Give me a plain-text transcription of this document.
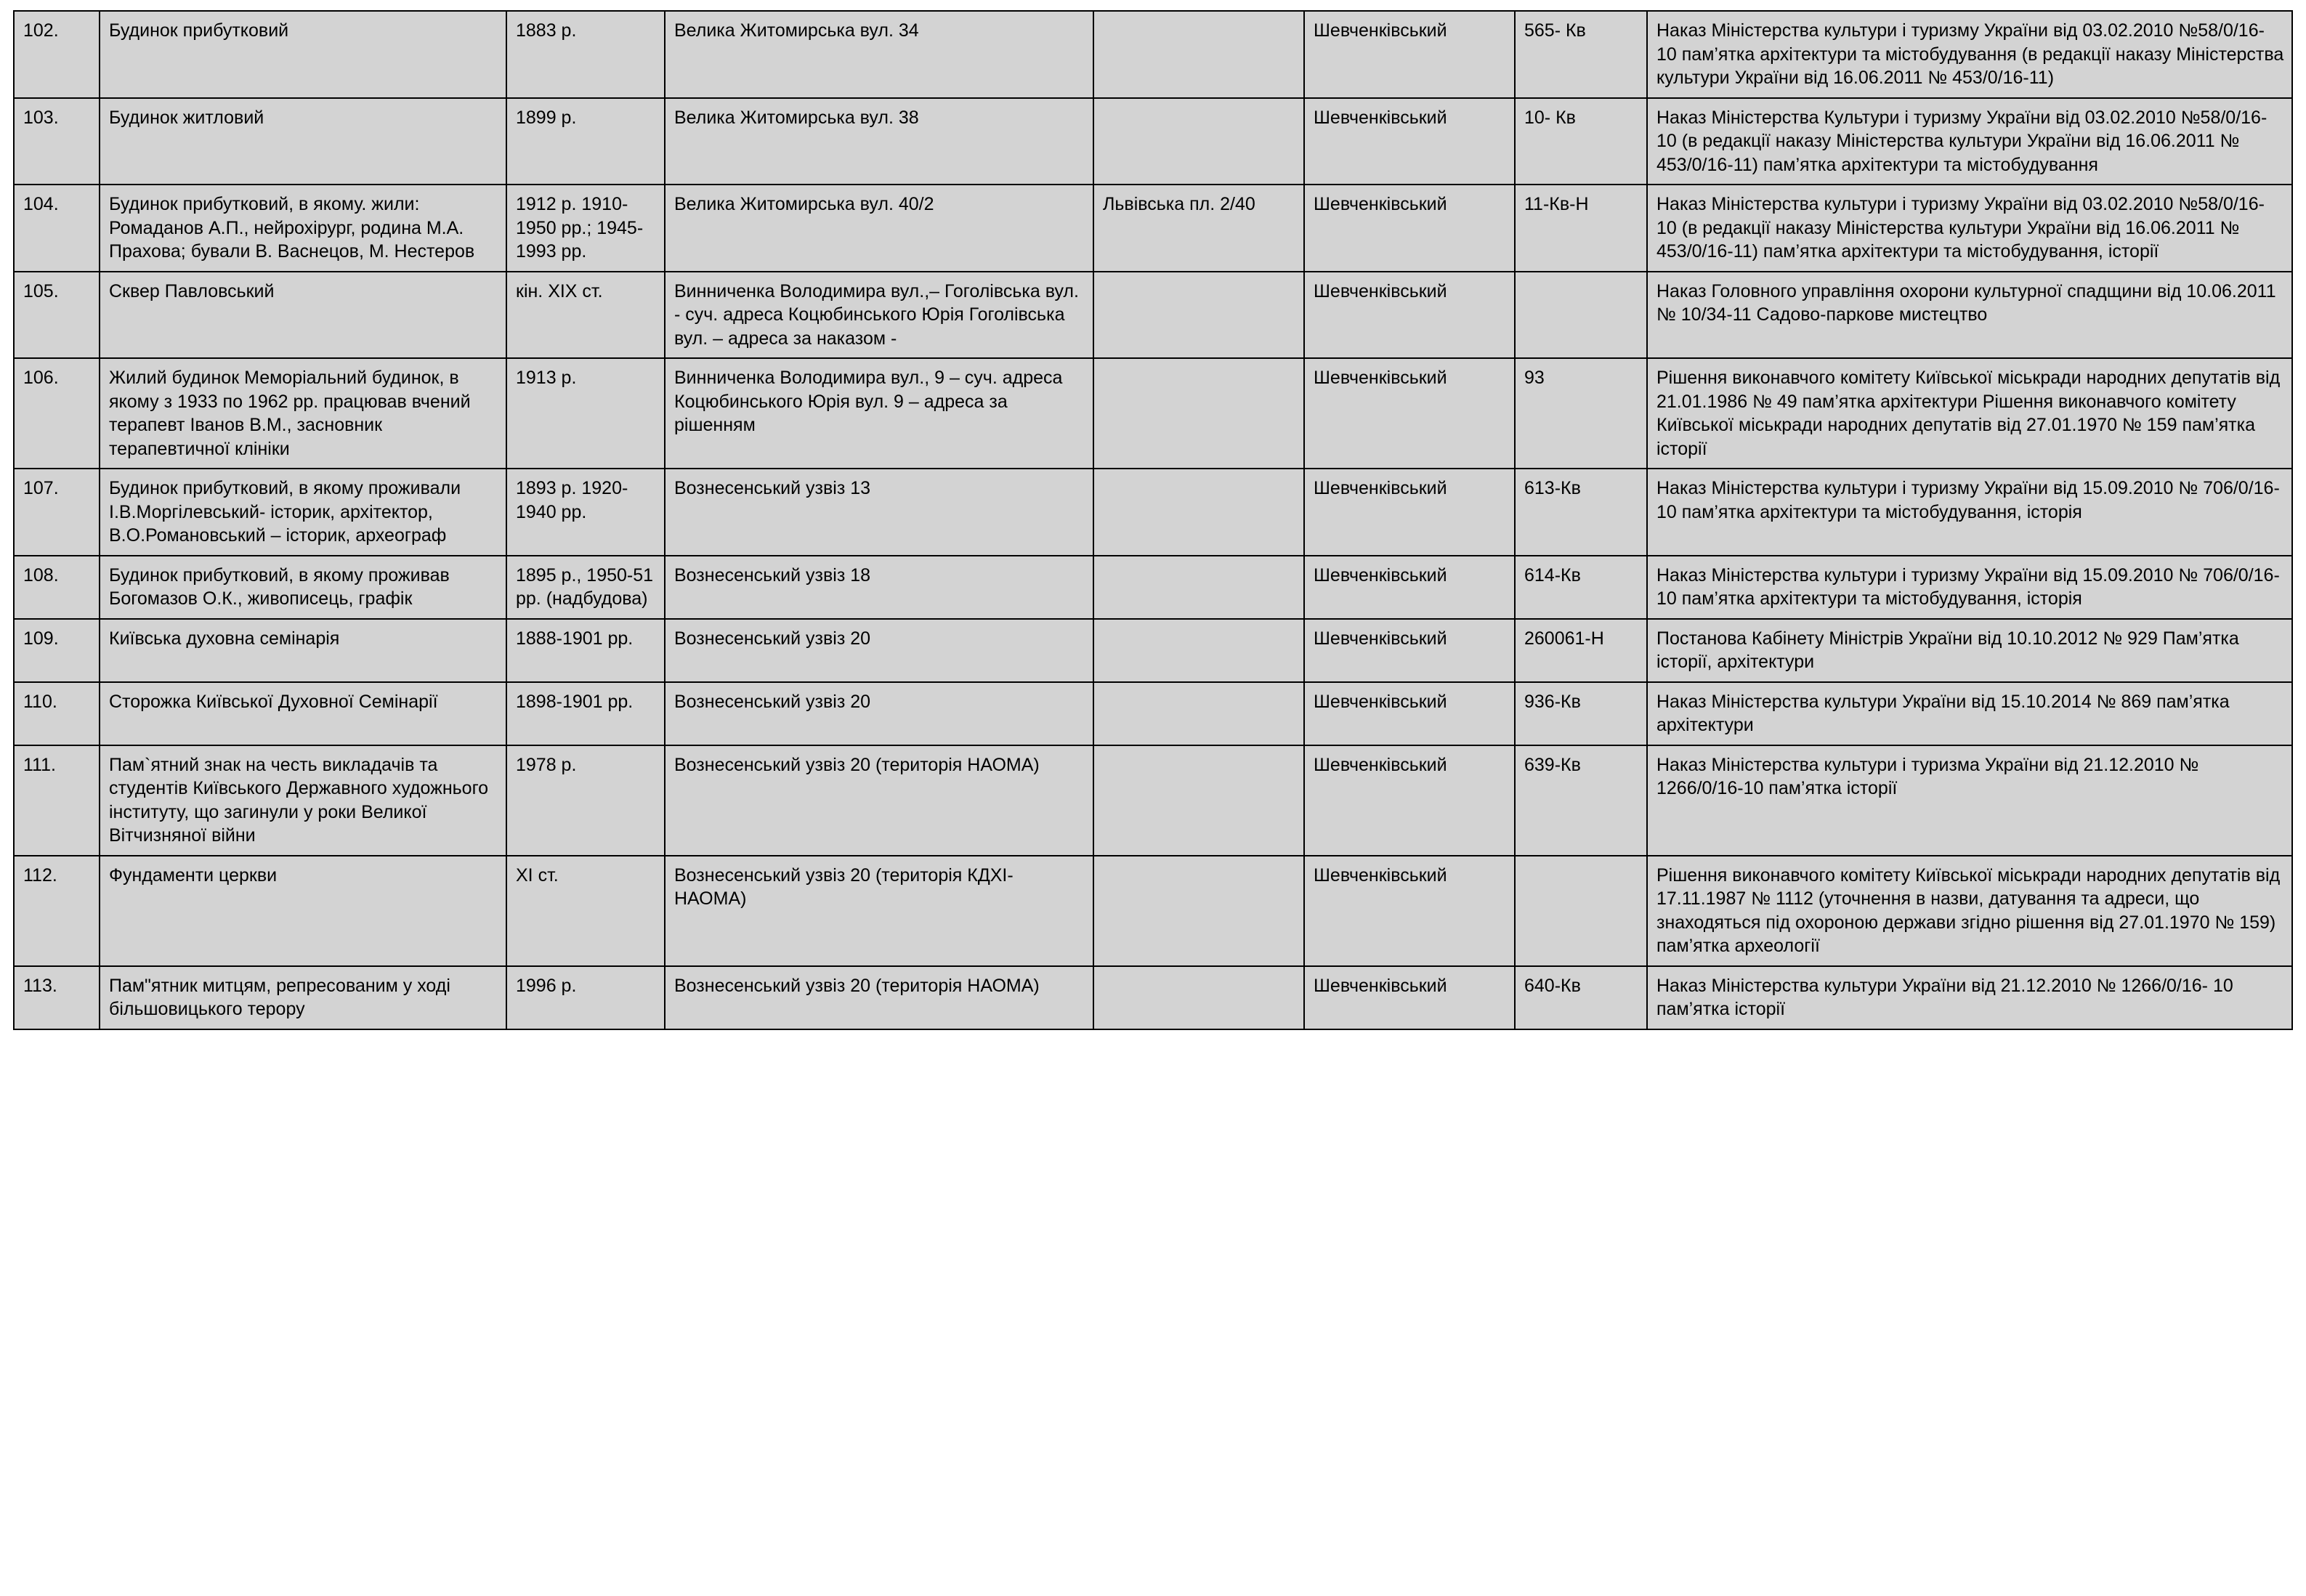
102.	Будинок прибутковий	1883 р.	Велика Житомирська вул. 34		Шевченківський	565- Кв	Наказ Міністерства культури і туризму України від 03.02.2010 №58/0/16-10 пам’ятка архітектури та містобудування (в редакції наказу Міністерства культури України від 16.06.2011 № 453/0/16-11)
103.	Будинок житловий	1899 р.	Велика Житомирська вул. 38		Шевченківський	10- Кв	Наказ Міністерства Культури і туризму України від 03.02.2010 №58/0/16-10 (в редакції наказу Міністерства культури України від 16.06.2011 № 453/0/16-11) пам’ятка архітектури та містобудування
104.	Будинок прибутковий, в якому. жили: Ромаданов А.П., нейрохірург, родина М.А. Прахова; бували В. Васнецов, М. Нестеров	1912 р. 1910-1950 рр.; 1945-1993 рр.	Велика Житомирська вул. 40/2	Львівська пл. 2/40	Шевченківський	11-Кв-Н	Наказ Міністерства культури і туризму України від 03.02.2010 №58/0/16-10 (в редакції наказу Міністерства культури України від 16.06.2011 № 453/0/16-11) пам’ятка архітектури та містобудування, історії
105.	Сквер Павловський	кін. ХІХ ст.	Винниченка Володимира вул.,– Гоголівська вул. - суч. адреса Коцюбинського Юрія Гоголівська вул. – адреса за наказом -		Шевченківський		Наказ Головного управління охорони культурної спадщини від 10.06.2011 № 10/34-11 Садово-паркове мистецтво
106.	Жилий будинок Меморіальний будинок, в якому з 1933 по 1962 рр. працював вчений терапевт Іванов В.М., засновник терапевтичної клініки	1913 р.	Винниченка Володимира вул., 9 – суч. адреса Коцюбинського Юрія вул. 9 – адреса за рішенням		Шевченківський	93	Рішення виконавчого комітету Київської міськради народних депутатів від 21.01.1986 № 49 пам’ятка архітектури Рішення виконавчого комітету Київської міськради народних депутатів від 27.01.1970 № 159 пам’ятка історії
107.	Будинок прибутковий, в якому проживали І.В.Моргілевський- історик, архітектор, В.О.Романовський – історик, археограф	1893 р. 1920-1940 рр.	Вознесенський узвіз 13		Шевченківський	613-Кв	Наказ Міністерства культури і туризму України від 15.09.2010 № 706/0/16-10 пам’ятка архітектури та містобудування, історія
108.	Будинок прибутковий, в якому проживав Богомазов О.К., живописець, графік	1895 р., 1950-51 рр. (надбудова)	Вознесенський узвіз 18		Шевченківський	614-Кв	Наказ Міністерства культури і туризму України від 15.09.2010 № 706/0/16-10 пам’ятка архітектури та містобудування, історія
109.	Київська духовна семінарія	1888-1901 рр.	Вознесенський узвіз 20		Шевченківський	260061-Н	Постанова Кабінету Міністрів України від 10.10.2012 № 929 Пам’ятка історії, архітектури
110.	Сторожка Київської Духовної Семінарії	1898-1901 рр.	Вознесенський узвіз 20		Шевченківський	936-Кв	Наказ Міністерства культури України від 15.10.2014 № 869 пам’ятка архітектури
111.	Пам`ятний знак на честь викладачів та студентів Київського Державного художнього інституту, що загинули у роки Великої Вітчизняної війни	1978 р.	Вознесенський узвіз 20 (територія НАОМА)		Шевченківський	639-Кв	Наказ Міністерства культури і туризма України від 21.12.2010 № 1266/0/16-10 пам’ятка історії
112.	Фундаменти церкви	ХІ ст.	Вознесенський узвіз 20 (територія КДХІ-НАОМА)		Шевченківський		Рішення виконавчого комітету Київської міськради народних депутатів від 17.11.1987 № 1112 (уточнення в назви, датування та адреси, що знаходяться під охороною держави згідно рішення від 27.01.1970 № 159) пам’ятка археології
113.	Пам"ятник митцям, репресованим у ході більшовицького терору	1996 р.	Вознесенський узвіз 20 (територія НАОМА)		Шевченківський	640-Кв	Наказ Міністерства культури України від 21.12.2010 № 1266/0/16- 10 пам’ятка історії
